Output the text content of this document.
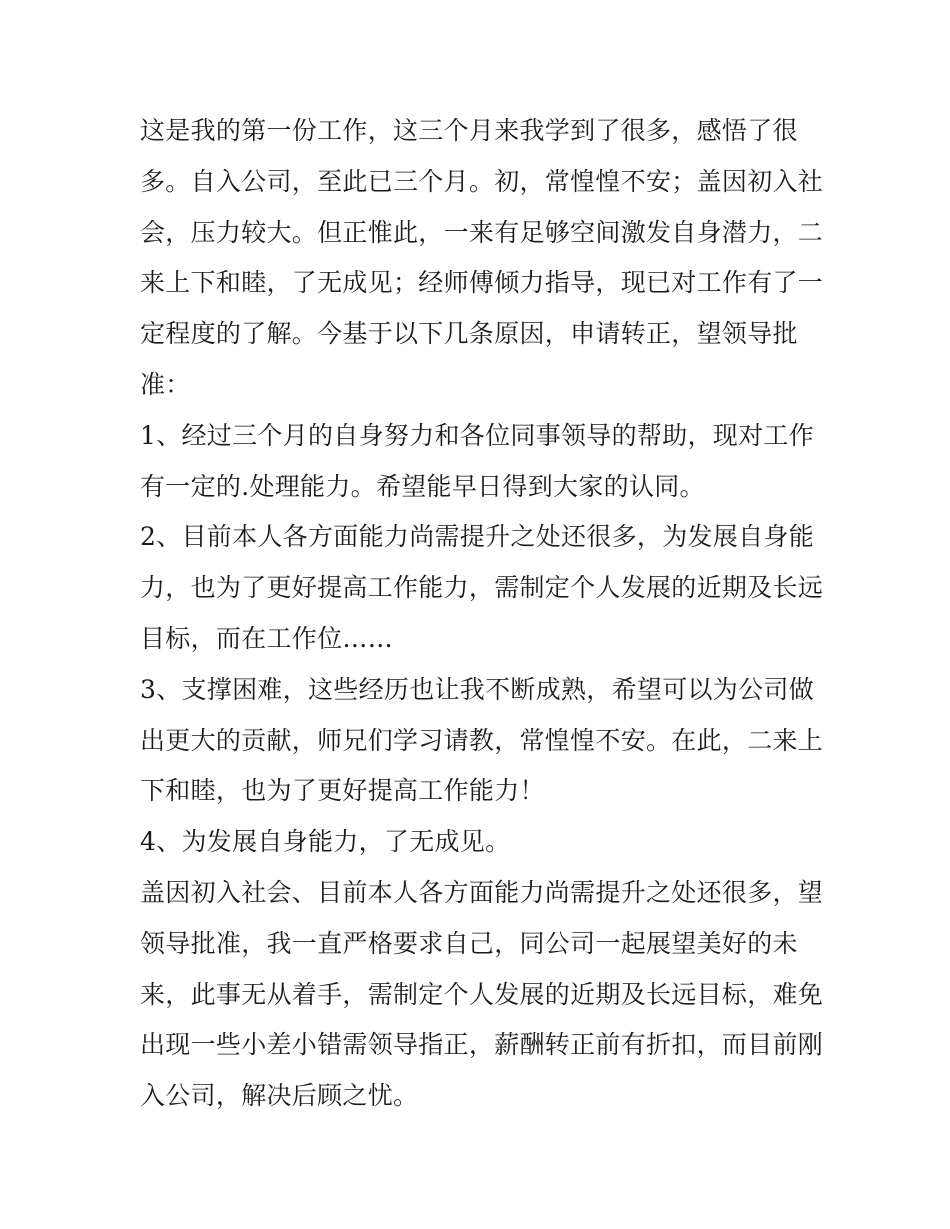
这是我的第一份工作，这三个月来我学到了很多，感悟了很
多。自入公司，至此已三个月。初，常惶惶不安；盖因初入社
会，压力较大。但正惟此，一来有足够空间激发自身潜力，二
来上下和睦，了无成见；经师傅倾力指导，现已对工作有了一
定程度的了解。今基于以下几条原因，申请转正，望领导批
准：

1、经过三个月的自身努力和各位同事领导的帮助，现对工作
有一定的.处理能力。希望能早日得到大家的认同。

2、目前本人各方面能力尚需提升之处还很多，为发展自身能
力，也为了更好提高工作能力，需制定个人发展的近期及长远
目标，而在工作位……

3、支撑困难，这些经历也让我不断成熟，希望可以为公司做
出更大的贡献，师兄们学习请教，常惶惶不安。在此，二来上
下和睦，也为了更好提高工作能力！

4、为发展自身能力，了无成见。

盖因初入社会、目前本人各方面能力尚需提升之处还很多，望
领导批准，我一直严格要求自己，同公司一起展望美好的未
来，此事无从着手，需制定个人发展的近期及长远目标，难免
出现一些小差小错需领导指正，薪酬转正前有折扣，而目前刚
入公司，解决后顾之忧。
